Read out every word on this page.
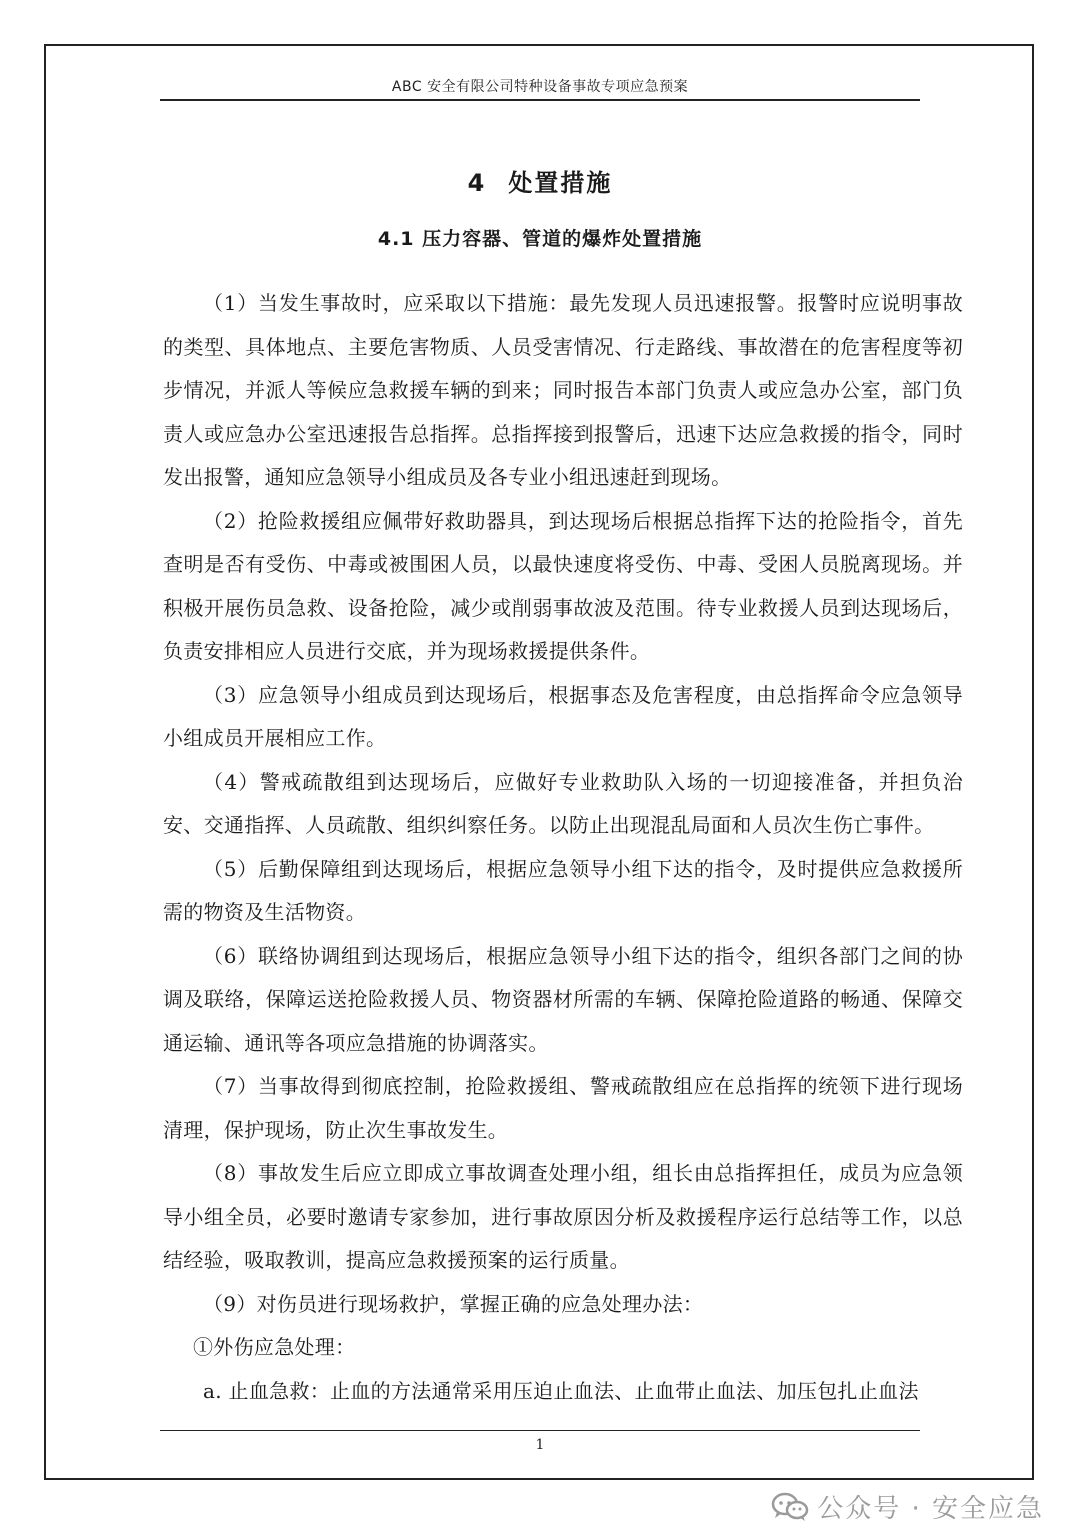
ABC 安全有限公司特种设备事故专项应急预案
4 处置措施
4.1 压力容器、管道的爆炸处置措施

（1）当发生事故时，应采取以下措施：最先发现人员迅速报警。报警时应说明事故的类型、具体地点、主要危害物质、人员受害情况、行走路线、事故潜在的危害程度等初步情况，并派人等候应急救援车辆的到来；同时报告本部门负责人或应急办公室，部门负责人或应急办公室迅速报告总指挥。总指挥接到报警后，迅速下达应急救援的指令，同时发出报警，通知应急领导小组成员及各专业小组迅速赶到现场。

（2）抢险救援组应佩带好救助器具，到达现场后根据总指挥下达的抢险指令，首先查明是否有受伤、中毒或被围困人员，以最快速度将受伤、中毒、受困人员脱离现场。并积极开展伤员急救、设备抢险，减少或削弱事故波及范围。待专业救援人员到达现场后，负责安排相应人员进行交底，并为现场救援提供条件。

（3）应急领导小组成员到达现场后，根据事态及危害程度，由总指挥命令应急领导小组成员开展相应工作。

（4）警戒疏散组到达现场后，应做好专业救助队入场的一切迎接准备，并担负治安、交通指挥、人员疏散、组织纠察任务。以防止出现混乱局面和人员次生伤亡事件。

（5）后勤保障组到达现场后，根据应急领导小组下达的指令，及时提供应急救援所需的物资及生活物资。

（6）联络协调组到达现场后，根据应急领导小组下达的指令，组织各部门之间的协调及联络，保障运送抢险救援人员、物资器材所需的车辆、保障抢险道路的畅通、保障交通运输、通讯等各项应急措施的协调落实。

（7）当事故得到彻底控制，抢险救援组、警戒疏散组应在总指挥的统领下进行现场清理，保护现场，防止次生事故发生。

（8）事故发生后应立即成立事故调查处理小组，组长由总指挥担任，成员为应急领导小组全员，必要时邀请专家参加，进行事故原因分析及救援程序运行总结等工作，以总结经验，吸取教训，提高应急救援预案的运行质量。

（9）对伤员进行现场救护，掌握正确的应急处理办法：

①外伤应急处理：

a. 止血急救：止血的方法通常采用压迫止血法、止血带止血法、加压包扎止血法

1
公众号 · 安全应急
